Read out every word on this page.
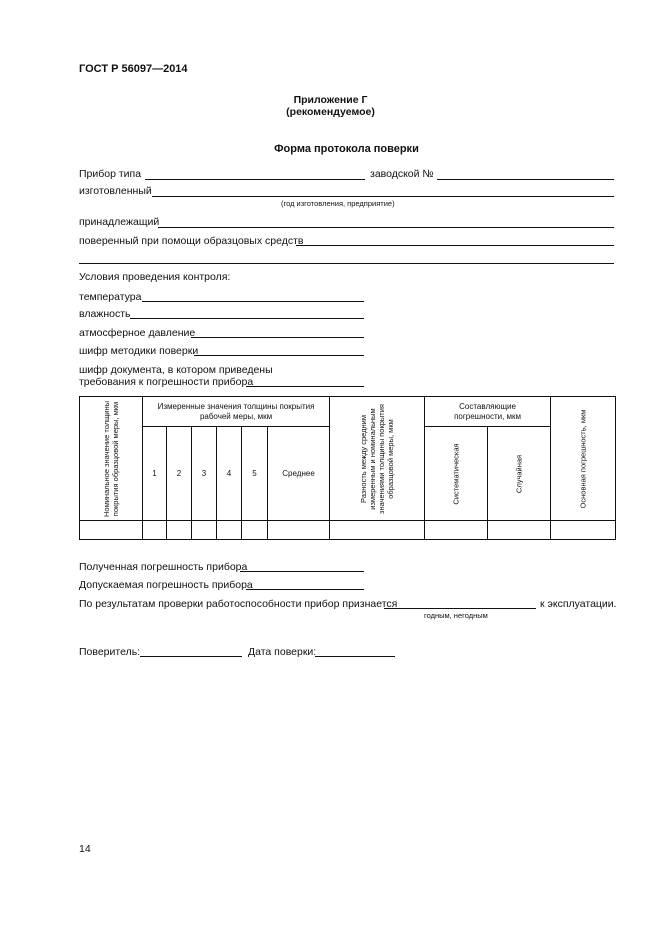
ГОСТ Р 56097—2014
Приложение Г
(рекомендуемое)
Форма протокола поверки
Прибор типа	заводской №
изготовленный
(год изготовления, предприятие)
принадлежащий
поверенный при помощи образцовых средств
Условия проведения контроля:
температура
влажность
атмосферное давление
шифр методики поверки
шифр документа, в котором приведены
требования к погрешности прибора
Номинальное значение толщины покрытия образцовой меры, мкм	Измеренные значения толщины покрытия рабочей меры, мкм						Разность между средним измеренным и номинальным значениями толщины покрытия образцовой меры, мкм	Составляющие погрешности, мкм		Основная погрешность, мкм

	1	2	3	4	5	Среднее		Систематическая	Случайная	

Полученная погрешность прибора
Допускаемая погрешность прибора
По результатам проверки работоспособности прибор признается	к эксплуатации.
годным, негодным
Поверитель:	Дата поверки:
14
